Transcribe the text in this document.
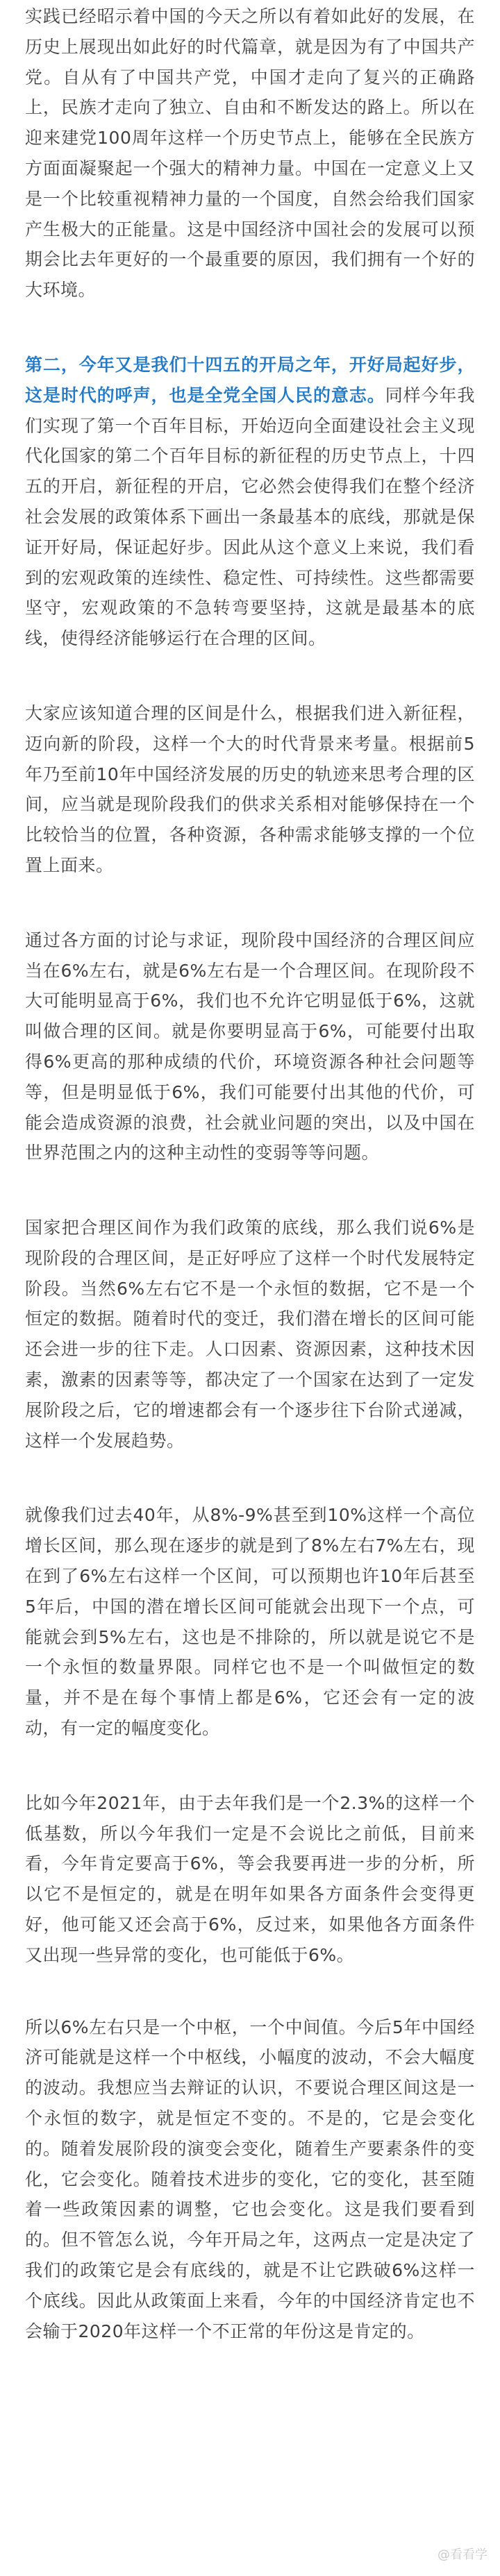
实践已经昭示着中国的今天之所以有着如此好的发展，在历史上展现出如此好的时代篇章，就是因为有了中国共产党。自从有了中国共产党，中国才走向了复兴的正确路上，民族才走向了独立、自由和不断发达的路上。所以在迎来建党100周年这样一个历史节点上，能够在全民族方方面面凝聚起一个强大的精神力量。中国在一定意义上又是一个比较重视精神力量的一个国度，自然会给我们国家产生极大的正能量。这是中国经济中国社会的发展可以预期会比去年更好的一个最重要的原因，我们拥有一个好的大环境。

第二，今年又是我们十四五的开局之年，开好局起好步，这是时代的呼声，也是全党全国人民的意志。同样今年我们实现了第一个百年目标，开始迈向全面建设社会主义现代化国家的第二个百年目标的新征程的历史节点上，十四五的开启，新征程的开启，它必然会使得我们在整个经济社会发展的政策体系下画出一条最基本的底线，那就是保证开好局，保证起好步。因此从这个意义上来说，我们看到的宏观政策的连续性、稳定性、可持续性。这些都需要坚守，宏观政策的不急转弯要坚持，这就是最基本的底线，使得经济能够运行在合理的区间。

大家应该知道合理的区间是什么，根据我们进入新征程，迈向新的阶段，这样一个大的时代背景来考量。根据前5年乃至前10年中国经济发展的历史的轨迹来思考合理的区间，应当就是现阶段我们的供求关系相对能够保持在一个比较恰当的位置，各种资源，各种需求能够支撑的一个位置上面来。

通过各方面的讨论与求证，现阶段中国经济的合理区间应当在6%左右，就是6%左右是一个合理区间。在现阶段不大可能明显高于6%，我们也不允许它明显低于6%，这就叫做合理的区间。就是你要明显高于6%，可能要付出取得6%更高的那种成绩的代价，环境资源各种社会问题等等，但是明显低于6%，我们可能要付出其他的代价，可能会造成资源的浪费，社会就业问题的突出，以及中国在世界范围之内的这种主动性的变弱等等问题。

国家把合理区间作为我们政策的底线，那么我们说6%是现阶段的合理区间，是正好呼应了这样一个时代发展特定阶段。当然6%左右它不是一个永恒的数据，它不是一个恒定的数据。随着时代的变迁，我们潜在增长的区间可能还会进一步的往下走。人口因素、资源因素，这种技术因素，激素的因素等等，都决定了一个国家在达到了一定发展阶段之后，它的增速都会有一个逐步往下台阶式递减，这样一个发展趋势。

就像我们过去40年，从8%-9%甚至到10%这样一个高位增长区间，那么现在逐步的就是到了8%左右7%左右，现在到了6%左右这样一个区间，可以预期也许10年后甚至5年后，中国的潜在增长区间可能就会出现下一个点，可能就会到5%左右，这也是不排除的，所以就是说它不是一个永恒的数量界限。同样它也不是一个叫做恒定的数量，并不是在每个事情上都是6%，它还会有一定的波动，有一定的幅度变化。

比如今年2021年，由于去年我们是一个2.3%的这样一个低基数，所以今年我们一定是不会说比之前低，目前来看，今年肯定要高于6%，等会我要再进一步的分析，所以它不是恒定的，就是在明年如果各方面条件会变得更好，他可能又还会高于6%，反过来，如果他各方面条件又出现一些异常的变化，也可能低于6%。

所以6%左右只是一个中枢，一个中间值。今后5年中国经济可能就是这样一个中枢线，小幅度的波动，不会大幅度的波动。我想应当去辩证的认识，不要说合理区间这是一个永恒的数字，就是恒定不变的。不是的，它是会变化的。随着发展阶段的演变会变化，随着生产要素条件的变化，它会变化。随着技术进步的变化，它的变化，甚至随着一些政策因素的调整，它也会变化。这是我们要看到的。但不管怎么说，今年开局之年，这两点一定是决定了我们的政策它是会有底线的，就是不让它跌破6%这样一个底线。因此从政策面上来看，今年的中国经济肯定也不会输于2020年这样一个不正常的年份这是肯定的。

@看看学
